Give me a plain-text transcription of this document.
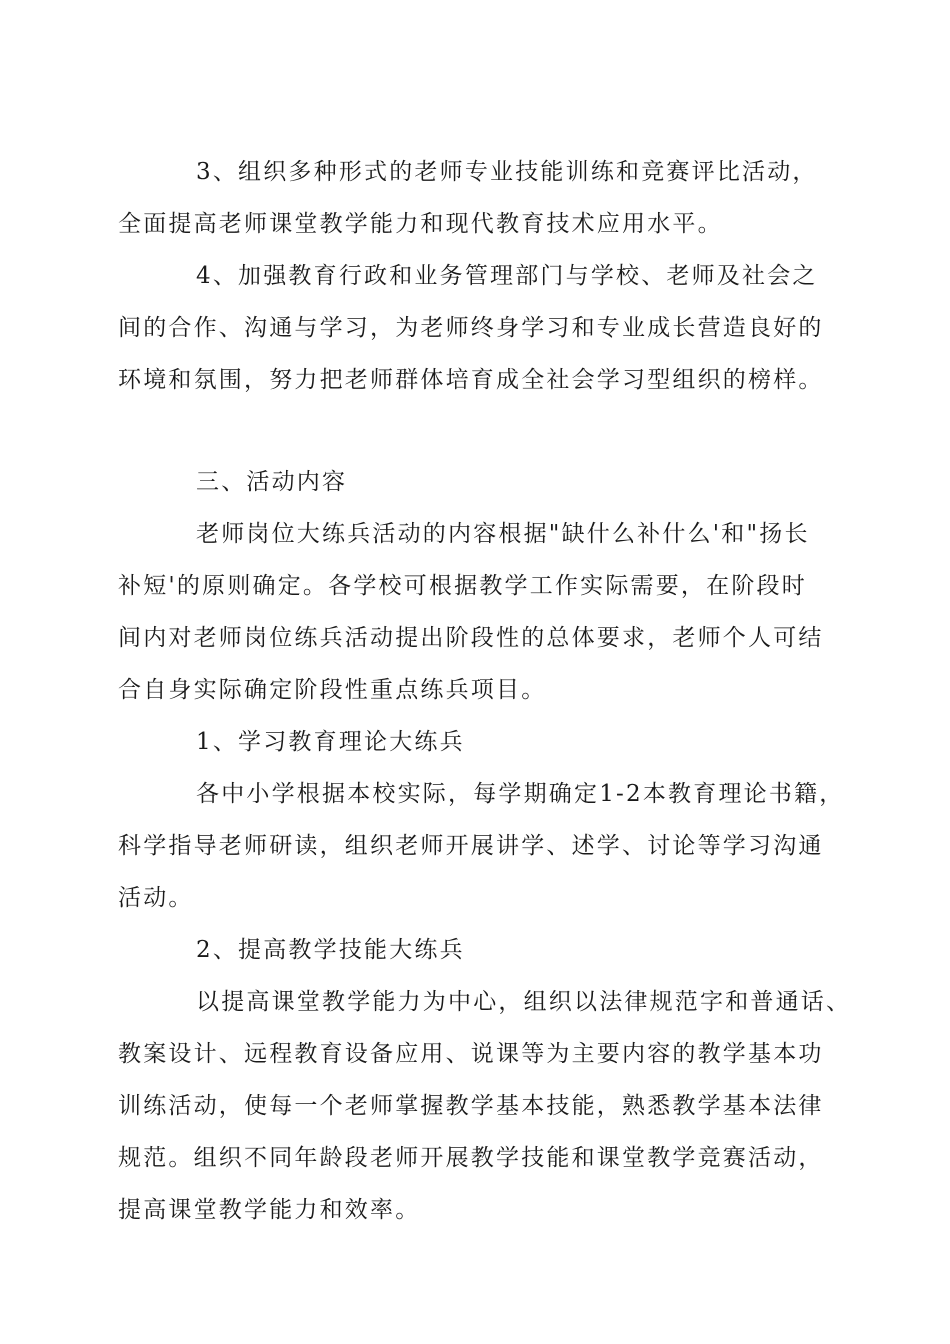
3、组织多种形式的老师专业技能训练和竞赛评比活动，
全面提高老师课堂教学能力和现代教育技术应用水平。
4、加强教育行政和业务管理部门与学校、老师及社会之
间的合作、沟通与学习，为老师终身学习和专业成长营造良好的
环境和氛围，努力把老师群体培育成全社会学习型组织的榜样。
三、活动内容
老师岗位大练兵活动的内容根据"缺什么补什么'和"扬长
补短'的原则确定。各学校可根据教学工作实际需要，在阶段时
间内对老师岗位练兵活动提出阶段性的总体要求，老师个人可结
合自身实际确定阶段性重点练兵项目。
1、学习教育理论大练兵
各中小学根据本校实际，每学期确定1-2本教育理论书籍，
科学指导老师研读，组织老师开展讲学、述学、讨论等学习沟通
活动。
2、提高教学技能大练兵
以提高课堂教学能力为中心，组织以法律规范字和普通话、
教案设计、远程教育设备应用、说课等为主要内容的教学基本功
训练活动，使每一个老师掌握教学基本技能，熟悉教学基本法律
规范。组织不同年龄段老师开展教学技能和课堂教学竞赛活动，
提高课堂教学能力和效率。
